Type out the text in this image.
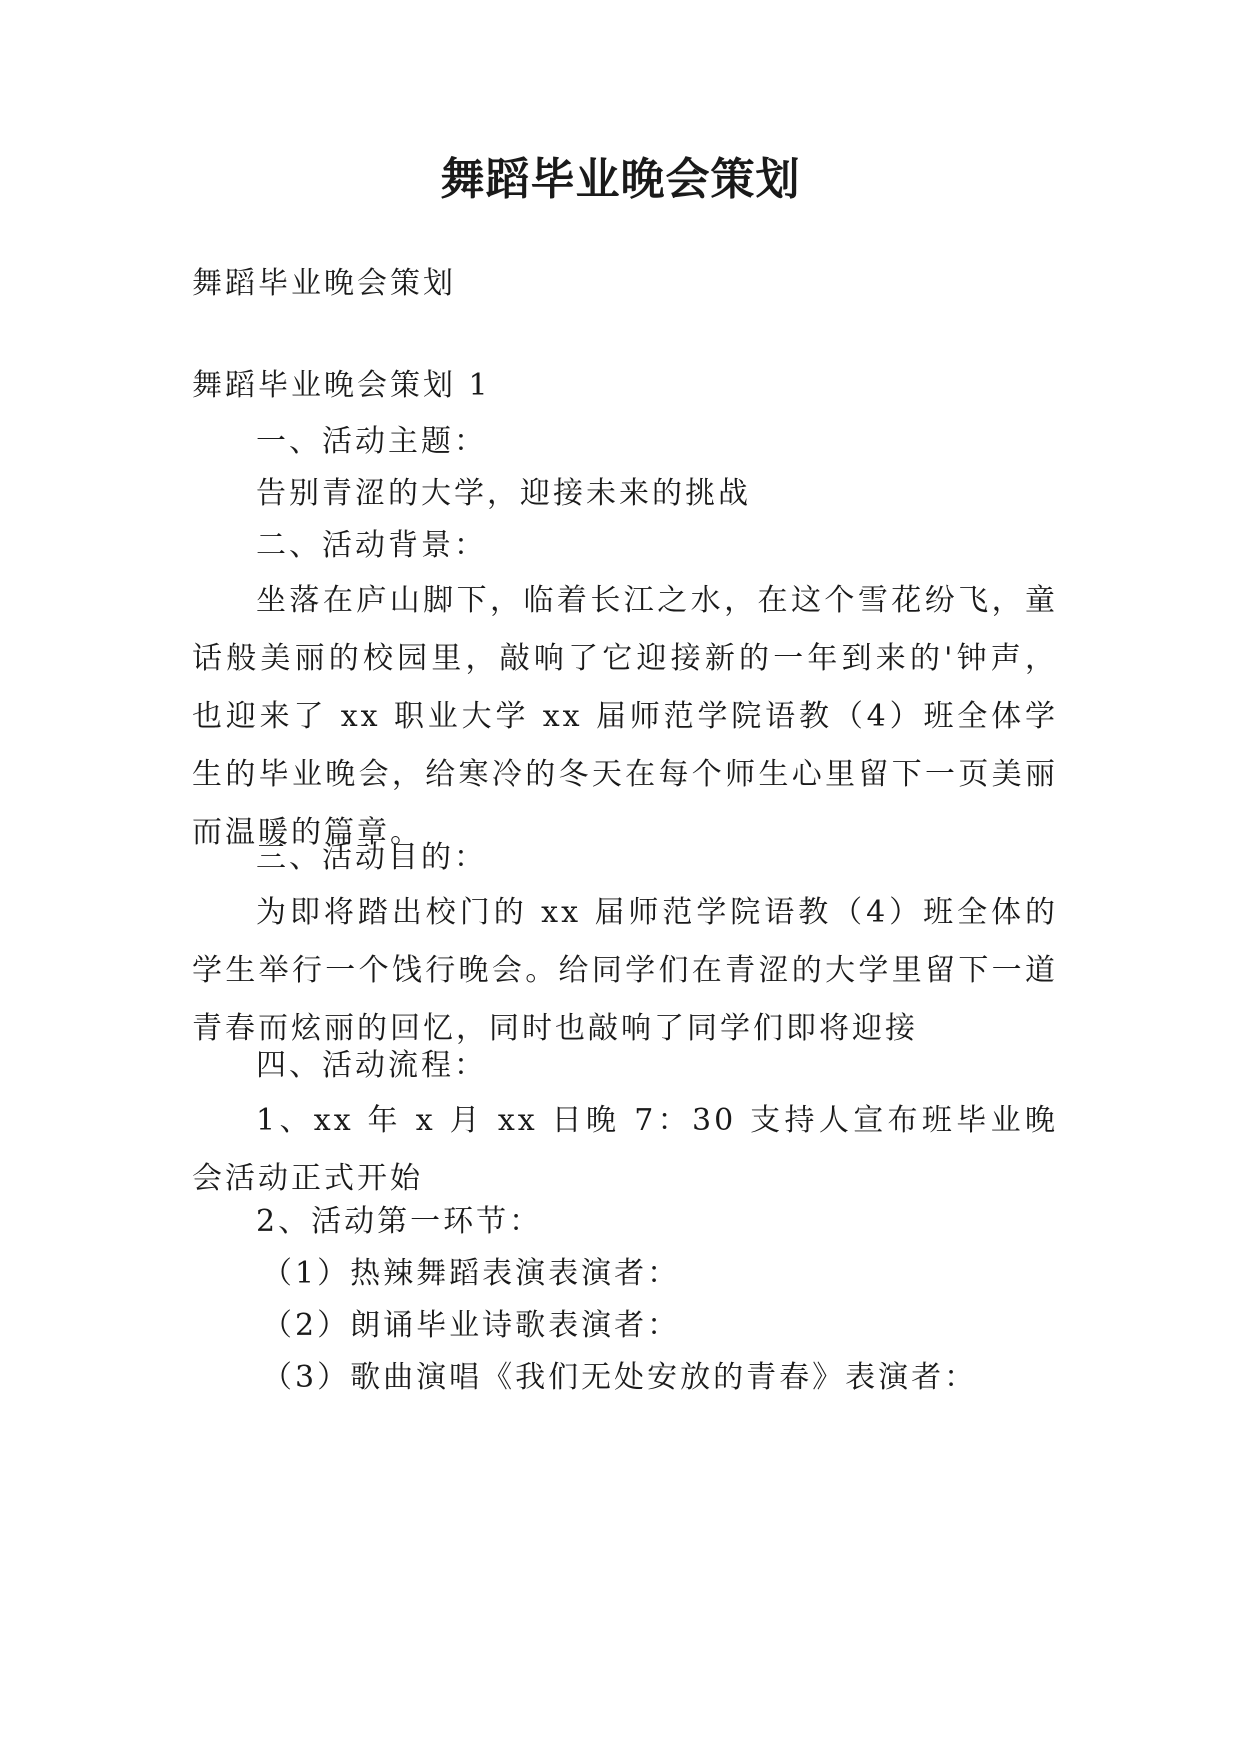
舞蹈毕业晚会策划

舞蹈毕业晚会策划

舞蹈毕业晚会策划 1

一、活动主题：

告别青涩的大学，迎接未来的挑战

二、活动背景：

坐落在庐山脚下，临着长江之水，在这个雪花纷飞，童话般美丽的校园里，敲响了它迎接新的一年到来的'钟声，也迎来了 xx 职业大学 xx 届师范学院语教（4）班全体学生的毕业晚会，给寒冷的冬天在每个师生心里留下一页美丽而温暖的篇章。

三、活动目的：

为即将踏出校门的 xx 届师范学院语教（4）班全体的学生举行一个饯行晚会。给同学们在青涩的大学里留下一道青春而炫丽的回忆，同时也敲响了同学们即将迎接

四、活动流程：

1、xx 年 x 月 xx 日晚 7：30 支持人宣布班毕业晚会活动正式开始

2、活动第一环节：

（1）热辣舞蹈表演表演者：

（2）朗诵毕业诗歌表演者：

（3）歌曲演唱《我们无处安放的青春》表演者：
